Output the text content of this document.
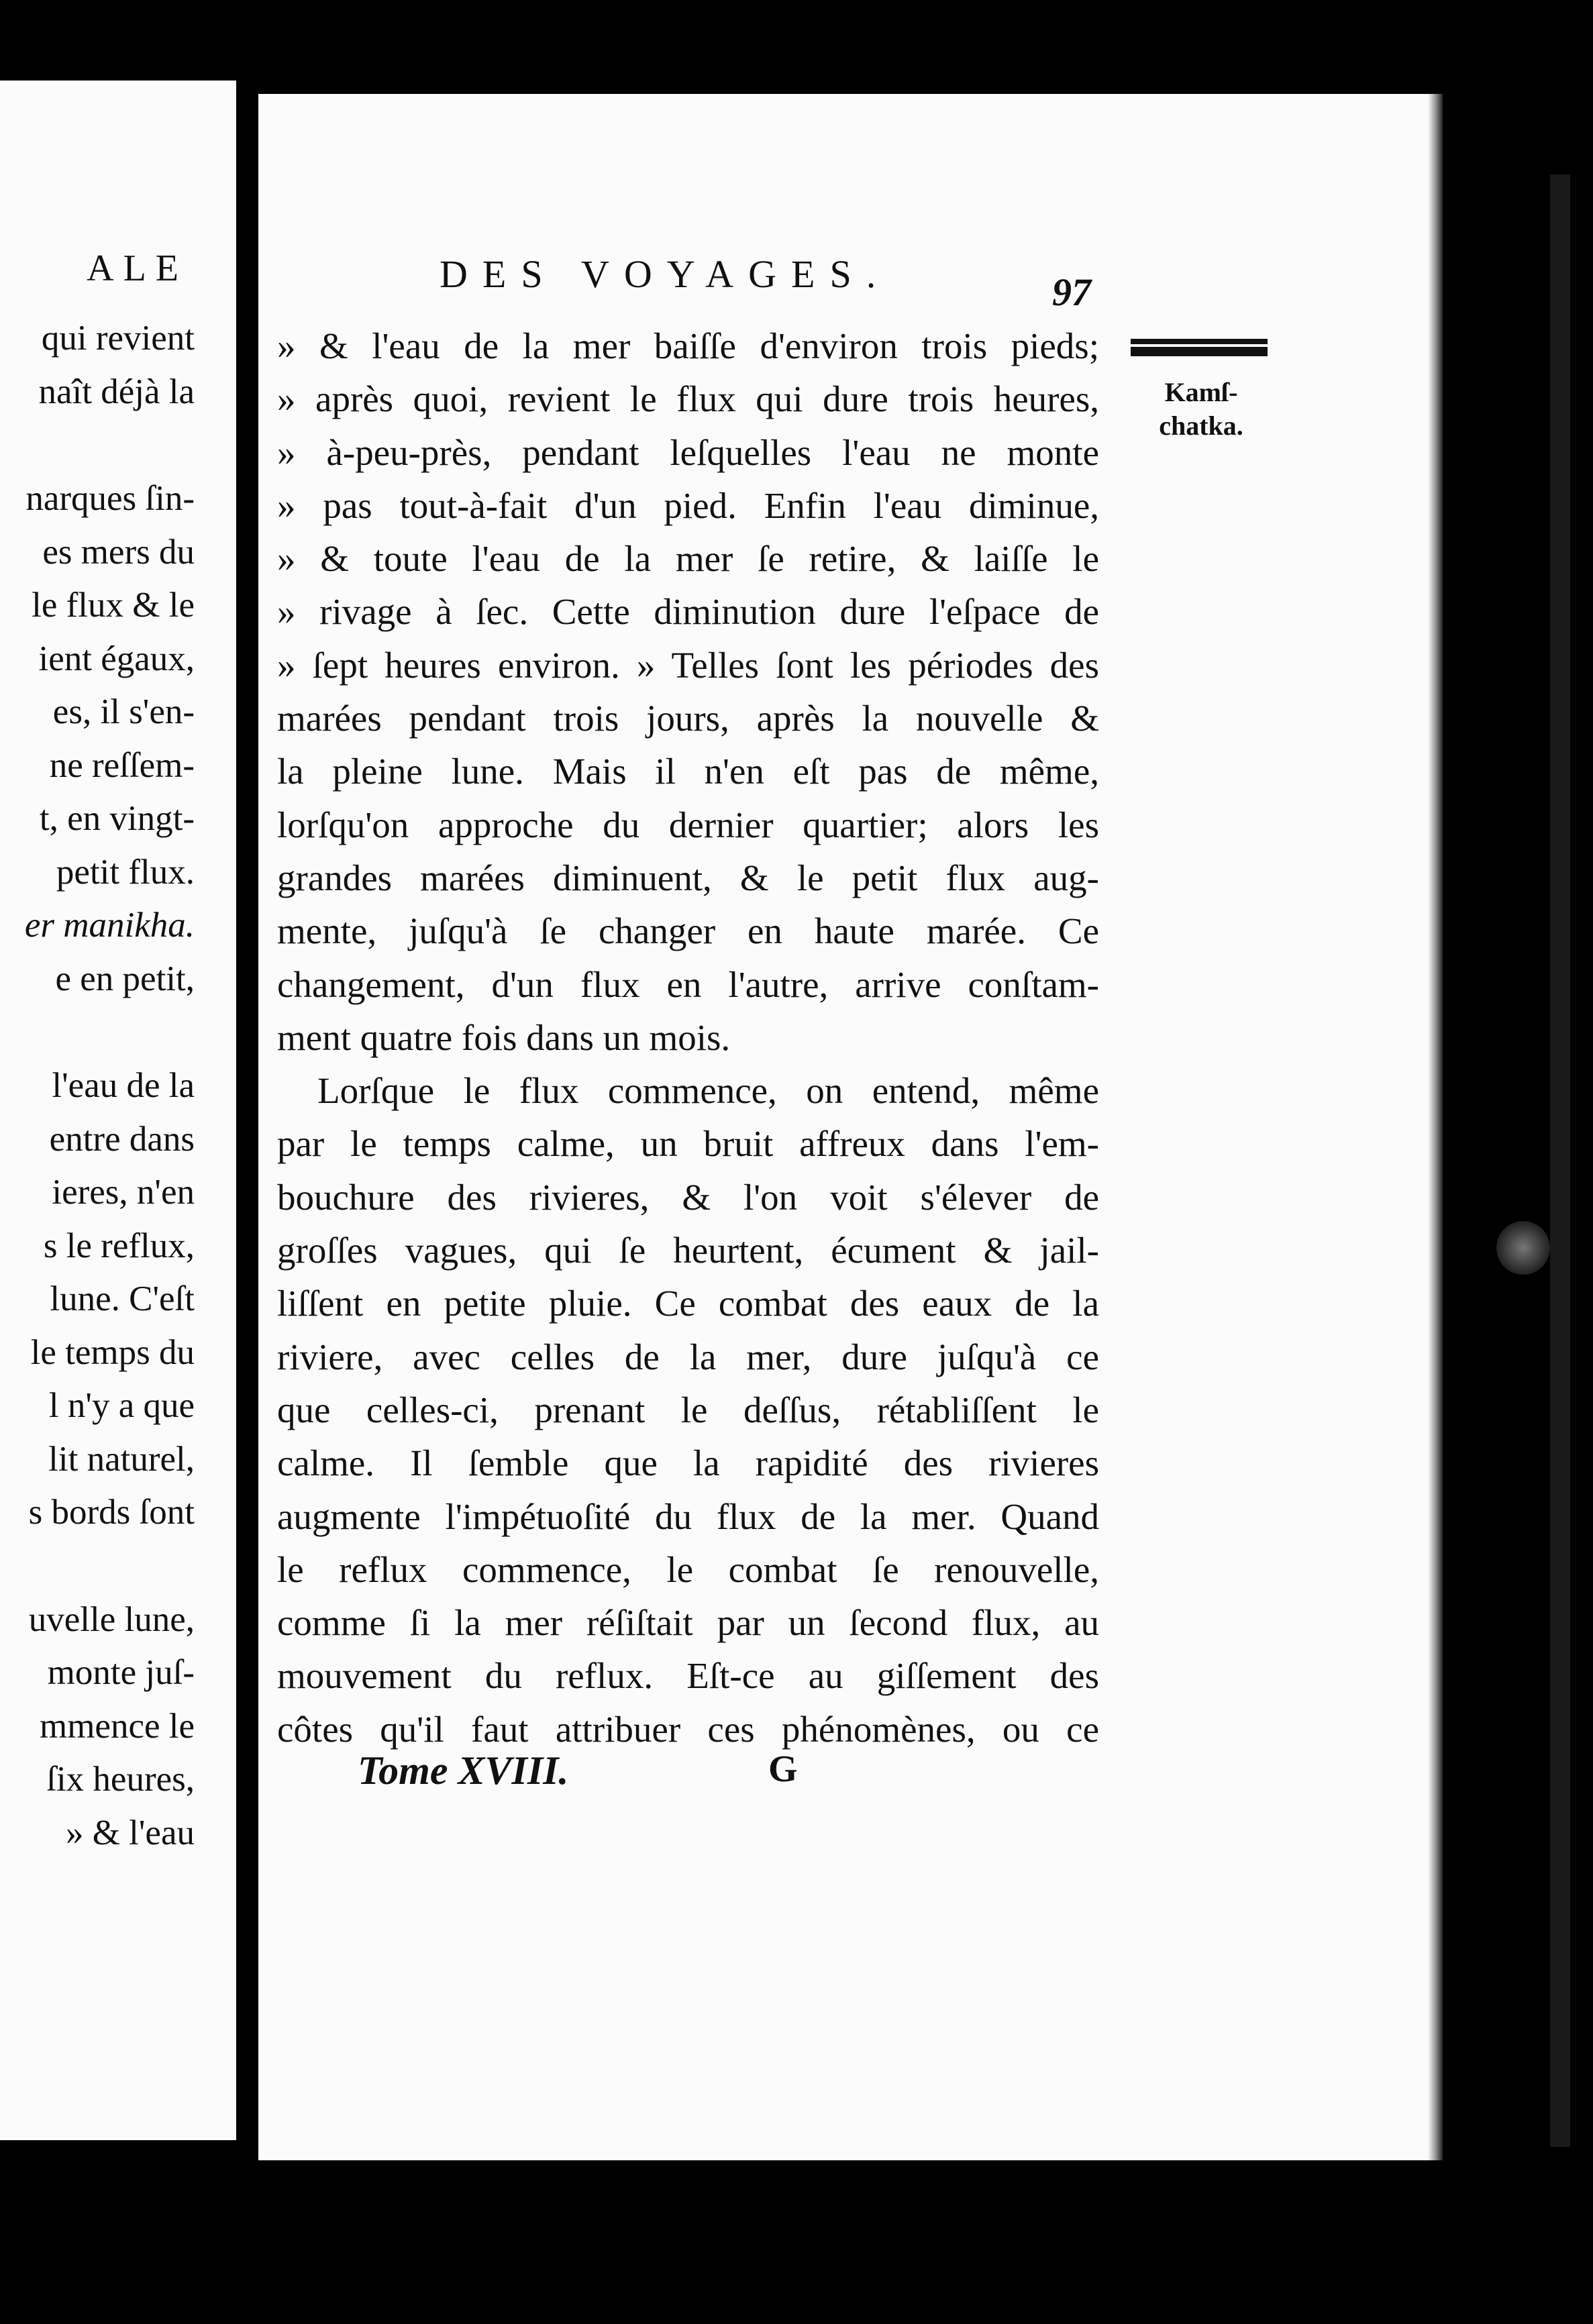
ALE
qui revient
naît déjà la
narques ſin-
es mers du
le flux & le
ient égaux,
es, il s'en-
ne reſſem-
t, en vingt-
petit flux.
er manikha.
e en petit,
l'eau de la
entre dans
ieres, n'en
s le reflux,
lune. C'eſt
le temps du
l n'y a que
lit naturel,
s bords ſont
uvelle lune,
monte juſ-
mmence le
ſix heures,
» & l'eau
DES VOYAGES.	97
Kamſ-chatka.
» & l'eau de la mer baiſſe d'environ trois pieds;
» après quoi, revient le flux qui dure trois heures,
» à-peu-près, pendant leſquelles l'eau ne monte
» pas tout-à-fait d'un pied. Enfin l'eau diminue,
» & toute l'eau de la mer ſe retire, & laiſſe le
» rivage à ſec. Cette diminution dure l'eſpace de
» ſept heures environ. » Telles ſont les périodes des
marées pendant trois jours, après la nouvelle &
la pleine lune. Mais il n'en eſt pas de même,
lorſqu'on approche du dernier quartier; alors les
grandes marées diminuent, & le petit flux aug-
mente, juſqu'à ſe changer en haute marée. Ce
changement, d'un flux en l'autre, arrive conſtam-
ment quatre fois dans un mois.
Lorſque le flux commence, on entend, même
par le temps calme, un bruit affreux dans l'em-
bouchure des rivieres, & l'on voit s'élever de
groſſes vagues, qui ſe heurtent, écument & jail-
liſſent en petite pluie. Ce combat des eaux de la
riviere, avec celles de la mer, dure juſqu'à ce
que celles-ci, prenant le deſſus, rétabliſſent le
calme. Il ſemble que la rapidité des rivieres
augmente l'impétuoſité du flux de la mer. Quand
le reflux commence, le combat ſe renouvelle,
comme ſi la mer réſiſtait par un ſecond flux, au
mouvement du reflux. Eſt-ce au giſſement des
côtes qu'il faut attribuer ces phénomènes, ou ce
Tome XVIII.	G
